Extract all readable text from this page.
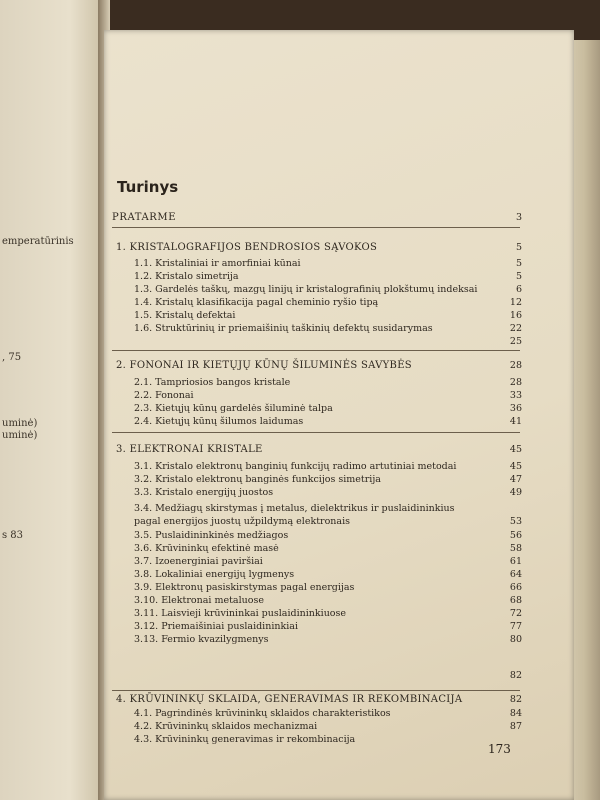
emperatūrinis
, 75
uminė)
uminė)
s 83
Turinys
PRATARME	3
1. KRISTALOGRAFIJOS BENDROSIOS SĄVOKOS	5
1.1. Kristaliniai ir amorfiniai kūnai	5
1.2. Kristalo simetrija	5
1.3. Gardelės taškų, mazgų linijų ir kristalografinių plokštumų indeksai	6
1.4. Kristalų klasifikacija pagal cheminio ryšio tipą	12
1.5. Kristalų defektai	16
1.6. Struktūrinių ir priemaišinių taškinių defektų susidarymas	22
25
2. FONONAI IR KIETŲJŲ KŪNŲ ŠILUMINĖS SAVYBĖS	28
2.1. Tampriosios bangos kristale	28
2.2. Fononai	33
2.3. Kietųjų kūnų gardelės šiluminė talpa	36
2.4. Kietųjų kūnų šilumos laidumas	41
3. ELEKTRONAI KRISTALE	45
3.1. Kristalo elektronų banginių funkcijų radimo artutiniai metodai	45
3.2. Kristalo elektronų banginės funkcijos simetrija	47
3.3. Kristalo energijų juostos	49
3.4. Medžiagų skirstymas į metalus, dielektrikus ir puslaidininkius
pagal energijos juostų užpildymą elektronais	53
3.5. Puslaidininkinės medžiagos	56
3.6. Krūvininkų efektinė masė	58
3.7. Izoenerginiai paviršiai	61
3.8. Lokaliniai energijų lygmenys	64
3.9. Elektronų pasiskirstymas pagal energijas	66
3.10. Elektronai metaluose	68
3.11. Laisvieji krūvininkai puslaidininkiuose	72
3.12. Priemaišiniai puslaidininkiai	77
3.13. Fermio kvazilygmenys	80
82
4. KRŪVININKŲ SKLAIDA, GENERAVIMAS IR REKOMBINACIJA	82
4.1. Pagrindinės krūvininkų sklaidos charakteristikos	84
4.2. Krūvininkų sklaidos mechanizmai	87
4.3. Krūvininkų generavimas ir rekombinacija
173
